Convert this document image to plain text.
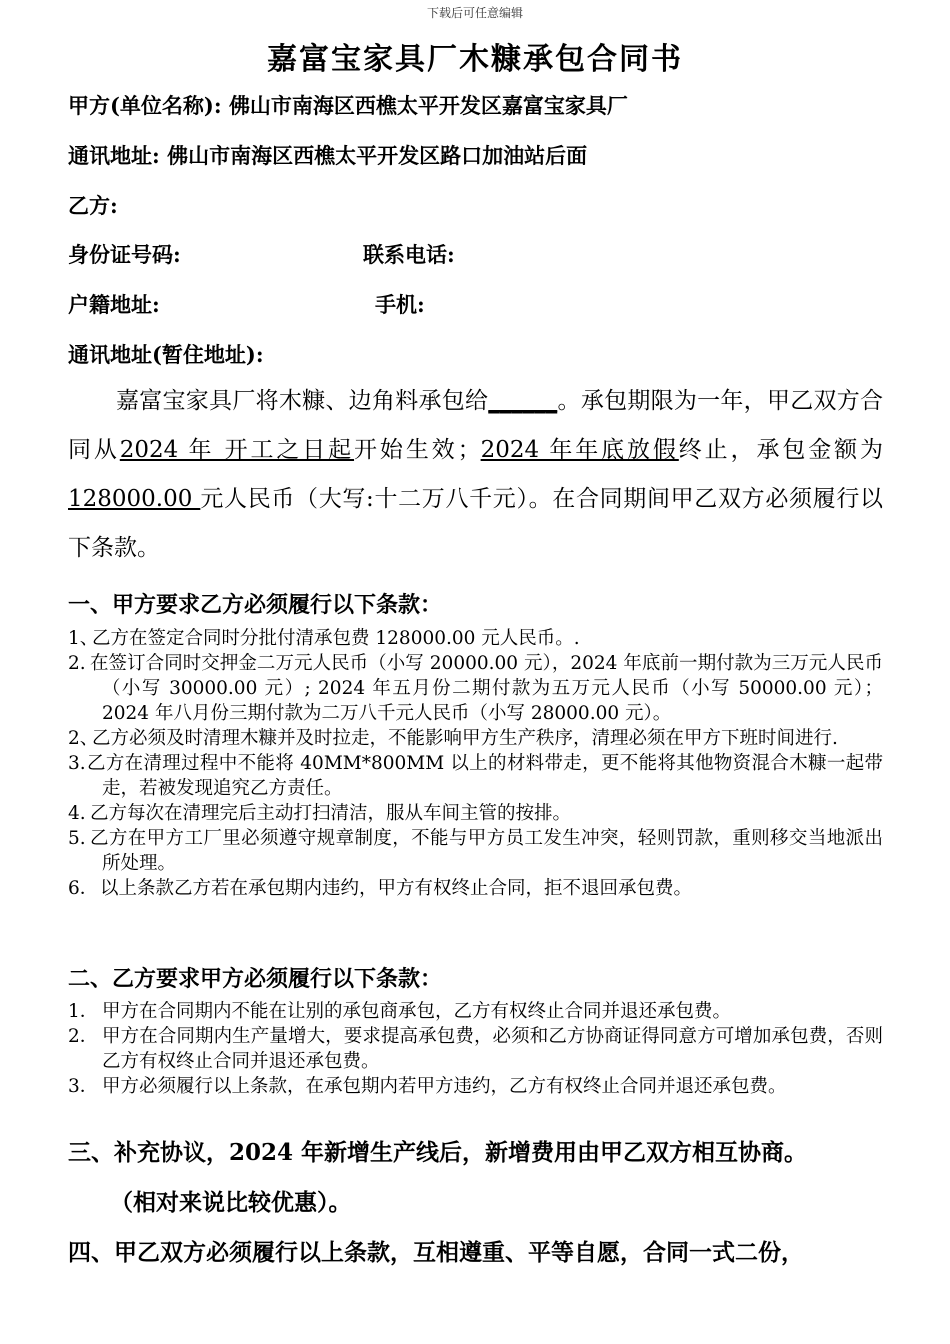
下载后可任意编辑
嘉富宝家具厂木糠承包合同书
甲方(单位名称): 佛山市南海区西樵太平开发区嘉富宝家具厂
通讯地址: 佛山市南海区西樵太平开发区路口加油站后面
乙方:
身份证号码:	联系电话:
户籍地址:	手机:
通讯地址(暂住地址):
嘉富宝家具厂将木糠、边角料承包给______。承包期限为一年，甲乙双方合同从2024 年 开工之日起开始生效；2024 年年底放假终止，承包金额为 128000.00 元人民币（大写:十二万八千元）。在合同期间甲乙双方必须履行以下条款。
一、甲方要求乙方必须履行以下条款：
1、
乙方在签定合同时分批付清承包费 128000.00 元人民币。.
2. 在签订合同时交押金二万元人民币（小写 20000.00 元），2024 年底前一期付款为三万元人民币（小写 30000.00 元）; 2024 年五月份二期付款为五万元人民币（小写 50000.00 元）；2024 年八月份三期付款为二万八千元人民币（小写 28000.00 元）。
2、
乙方必须及时清理木糠并及时拉走，不能影响甲方生产秩序，清理必须在甲方下班时间进行.
3. 乙方在清理过程中不能将 40MM*800MM 以上的材料带走，更不能将其他物资混合木糠一起带走，若被发现追究乙方责任。
4. 乙方每次在清理完后主动打扫清洁，服从车间主管的按排。
5. 乙方在甲方工厂里必须遵守规章制度，不能与甲方员工发生冲突，轻则罚款，重则移交当地派出所处理。
6． 以上条款乙方若在承包期内违约，甲方有权终止合同，拒不退回承包费。
二、乙方要求甲方必须履行以下条款：
1． 甲方在合同期内不能在让别的承包商承包，乙方有权终止合同并退还承包费。
2． 甲方在合同期内生产量增大，要求提高承包费，必须和乙方协商证得同意方可增加承包费，否则乙方有权终止合同并退还承包费。
3． 甲方必须履行以上条款，在承包期内若甲方违约，乙方有权终止合同并退还承包费。
三、补充协议，2024 年新增生产线后，新增费用由甲乙双方相互协商。
（相对来说比较优惠）。
四、甲乙双方必须履行以上条款，互相遵重、平等自愿，合同一式二份，
